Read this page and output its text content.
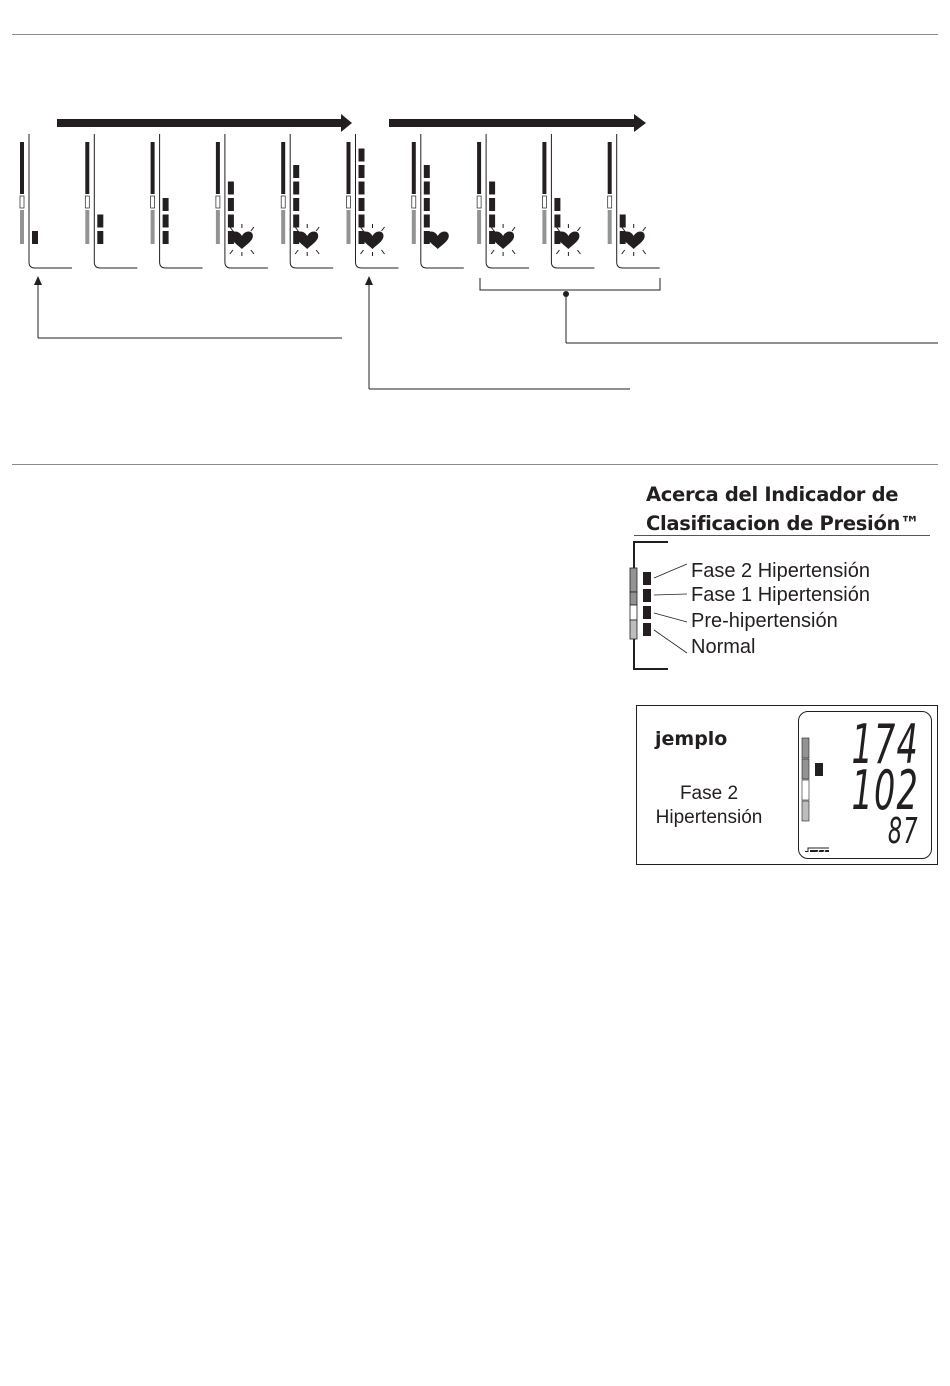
Acerca del Indicador de
Clasificacion de Presión™
Fase 2 Hipertensión
Fase 1 Hipertensión
Pre-hipertensión
Normal
jemplo
Fase 2
Hipertensión
174
102
87
